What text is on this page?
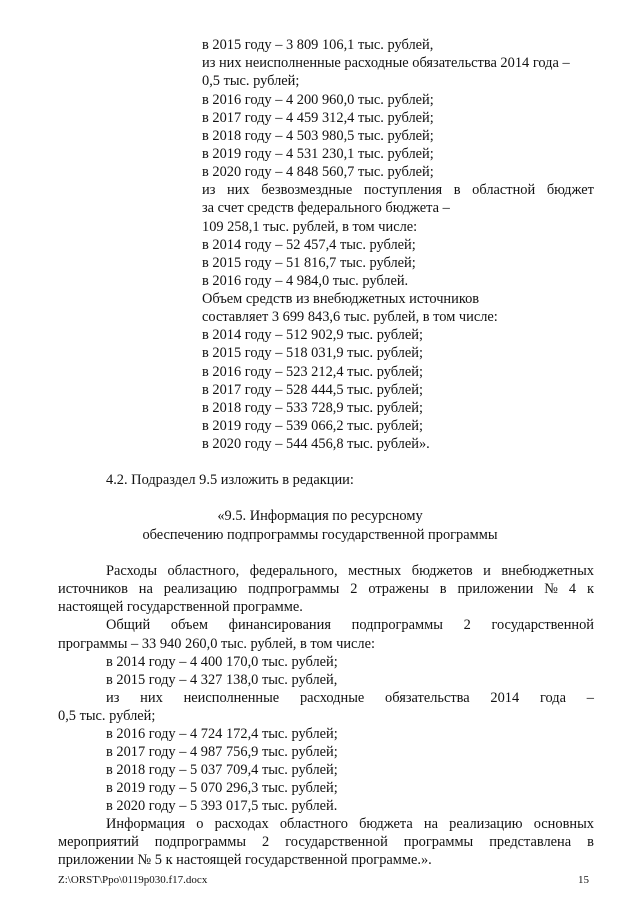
в 2015 году – 3 809 106,1 тыс. рублей,
из них неисполненные расходные обязательства 2014 года –
0,5 тыс. рублей;
в 2016 году – 4 200 960,0 тыс. рублей;
в 2017 году – 4 459 312,4 тыс. рублей;
в 2018 году – 4 503 980,5 тыс. рублей;
в 2019 году – 4 531 230,1 тыс. рублей;
в 2020 году – 4 848 560,7 тыс. рублей;
из них безвозмездные поступления в областной бюджет
за счет средств федерального бюджета –
109 258,1 тыс. рублей, в том числе:
в 2014 году – 52 457,4 тыс. рублей;
в 2015 году – 51 816,7 тыс. рублей;
в 2016 году – 4 984,0 тыс. рублей.
Объем средств из внебюджетных источников
составляет 3 699 843,6 тыс. рублей, в том числе:
в 2014 году – 512 902,9 тыс. рублей;
в 2015 году – 518 031,9 тыс. рублей;
в 2016 году – 523 212,4 тыс. рублей;
в 2017 году – 528 444,5 тыс. рублей;
в 2018 году – 533 728,9 тыс. рублей;
в 2019 году – 539 066,2 тыс. рублей;
в 2020 году – 544 456,8 тыс. рублей».
4.2. Подраздел 9.5 изложить в редакции:
«9.5. Информация по ресурсному
обеспечению подпрограммы государственной программы
Расходы областного, федерального, местных бюджетов и внебюджетных
источников на реализацию подпрограммы 2 отражены в приложении № 4 к
настоящей государственной программе.
Общий объем финансирования подпрограммы 2 государственной
программы – 33 940 260,0 тыс. рублей, в том числе:
в 2014 году – 4 400 170,0 тыс. рублей;
в 2015 году – 4 327 138,0 тыс. рублей,
из них неисполненные расходные обязательства 2014 года –
0,5 тыс. рублей;
в 2016 году – 4 724 172,4 тыс. рублей;
в 2017 году – 4 987 756,9 тыс. рублей;
в 2018 году – 5 037 709,4 тыс. рублей;
в 2019 году – 5 070 296,3 тыс. рублей;
в 2020 году – 5 393 017,5 тыс. рублей.
Информация о расходах областного бюджета на реализацию основных
мероприятий подпрограммы 2 государственной программы представлена в
приложении № 5 к настоящей государственной программе.».
Z:\ORST\Ppo\0119p030.f17.docx	15
